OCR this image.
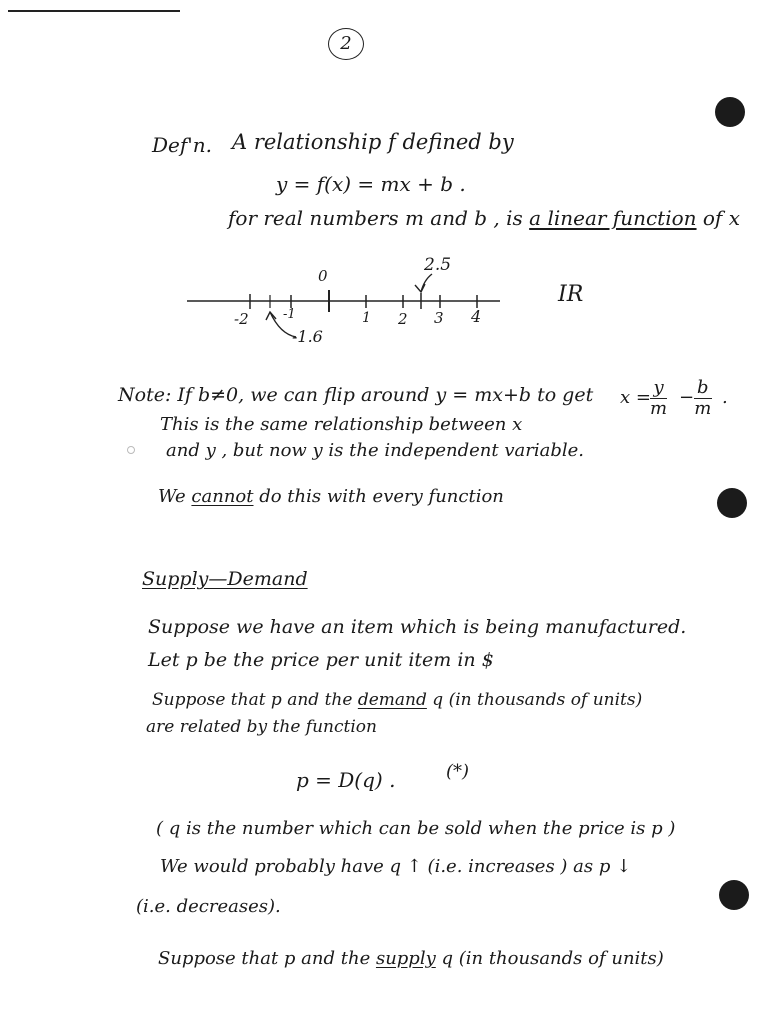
2
Def'n. A relationship f defined by
y = f(x) = mx + b .
for real numbers m and b , is a linear function of x
0
2.5
IR
-2	-1	1 2 3 4
-1.6
Note: If b≠0, we can flip around y = mx+b to get $x = \frac{y}{m} - \frac{b}{m}$ .
This is the same relationship between x
and y , but now y is the independent variable.
We cannot do this with every function
Supply—Demand
Suppose we have an item which is being manufactured.
Let p be the price per unit item in $
Suppose that p and the demand q (in thousands of units)
are related by the function
p = D(q) .	(*)
( q is the number which can be sold when the price is p )
We would probably have q ↑ (i.e. increases ) as p ↓
(i.e. decreases).
Suppose that p and the supply q (in thousands of units)
